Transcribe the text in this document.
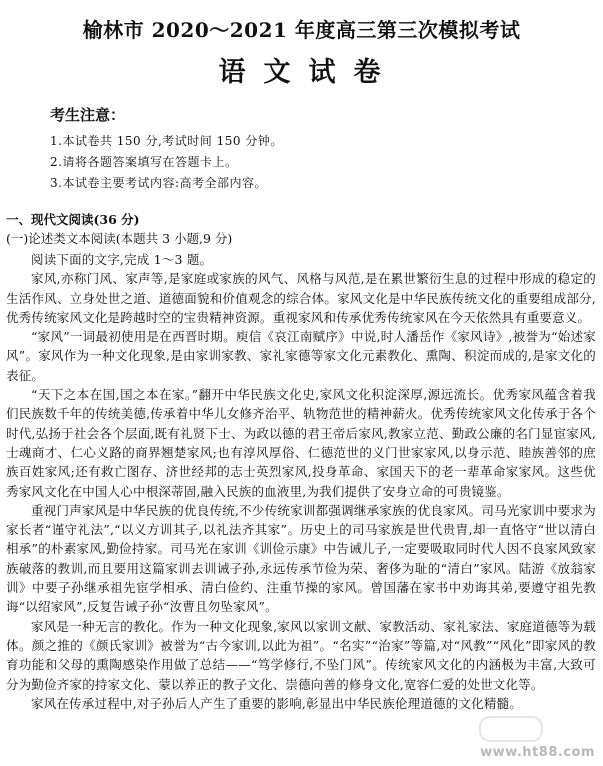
榆林市 2020～2021 年度高三第三次模拟考试
语文试卷
考生注意：
1.本试卷共 150 分,考试时间 150 分钟。
2.请将各题答案填写在答题卡上。
3.本试卷主要考试内容:高考全部内容。
一、现代文阅读(36 分)
(一)论述类文本阅读(本题共 3 小题,9 分)

阅读下面的文字,完成 1～3 题。

家风,亦称门风、家声等,是家庭或家族的风气、风格与风范,是在累世繁衍生息的过程中形成的稳定的生活作风、立身处世之道、道德面貌和价值观念的综合体。家风文化是中华民族传统文化的重要组成部分,优秀传统家风文化是跨越时空的宝贵精神资源。重视家风和传承优秀传统家风在今天依然具有重要意义。

“家风”一词最初使用是在西晋时期。庾信《哀江南赋序》中说,时人潘岳作《家风诗》,被誉为“始述家风”。家风作为一种文化现象,是由家训家教、家礼家德等家文化元素教化、熏陶、积淀而成的,是家文化的表征。

“天下之本在国,国之本在家。”翻开中华民族文化史,家风文化积淀深厚,源远流长。优秀家风蕴含着我们民族数千年的传统美德,传承着中华儿女修齐治平、轨物范世的精神薪火。优秀传统家风文化传承于各个时代,弘扬于社会各个层面,既有礼贤下士、为政以德的君王帝后家风,教家立范、勤政公廉的名门显宦家风,士魂商才、仁心义路的商界翘楚家风;也有淳风厚俗、仁德范世的义门世家家风,以身示范、睦族善邻的庶族百姓家风;还有救亡图存、济世经邦的志士英烈家风,投身革命、家国天下的老一辈革命家家风。这些优秀家风文化在中国人心中根深蒂固,融入民族的血液里,为我们提供了安身立命的可贵镜鉴。

重视门声家风是中华民族的优良传统,不少传统家训都强调继承家族的优良家风。司马光家训中要求为家长者“谨守礼法”,“以义方训其子,以礼法齐其家”。历史上的司马家族是世代贵胄,却一直恪守“世以清白相承”的朴素家风,勤俭持家。司马光在家训《训俭示康》中告诫儿子,一定要吸取同时代人因不良家风致家族破落的教训,而且要用这篇家训去训诫子孙,永远传承节俭为荣、奢侈为耻的“清白”家风。陆游《放翁家训》中要子孙继承祖先宦学相承、清白俭约、注重节操的家风。曾国藩在家书中劝诲其弟,要遵守祖先教诲“以绍家风”,反复告诫子孙“汝曹且勿坠家风”。

家风是一种无言的教化。作为一种文化现象,家风以家训文献、家教活动、家礼家法、家庭道德等为载体。颜之推的《颜氏家训》被誉为“古今家训,以此为祖”。“名实”“治家”等篇,对“风教”“风化”即家风的教育功能和父母的熏陶感染作用做了总结——“笃学修行,不坠门风”。传统家风文化的内涵极为丰富,大致可分为勤俭齐家的持家文化、蒙以养正的教子文化、崇德向善的修身文化,宽容仁爱的处世文化等。

家风在传承过程中,对子孙后人产生了重要的影响,彰显出中华民族伦理道德的文化精髓。

www.ht88.com
